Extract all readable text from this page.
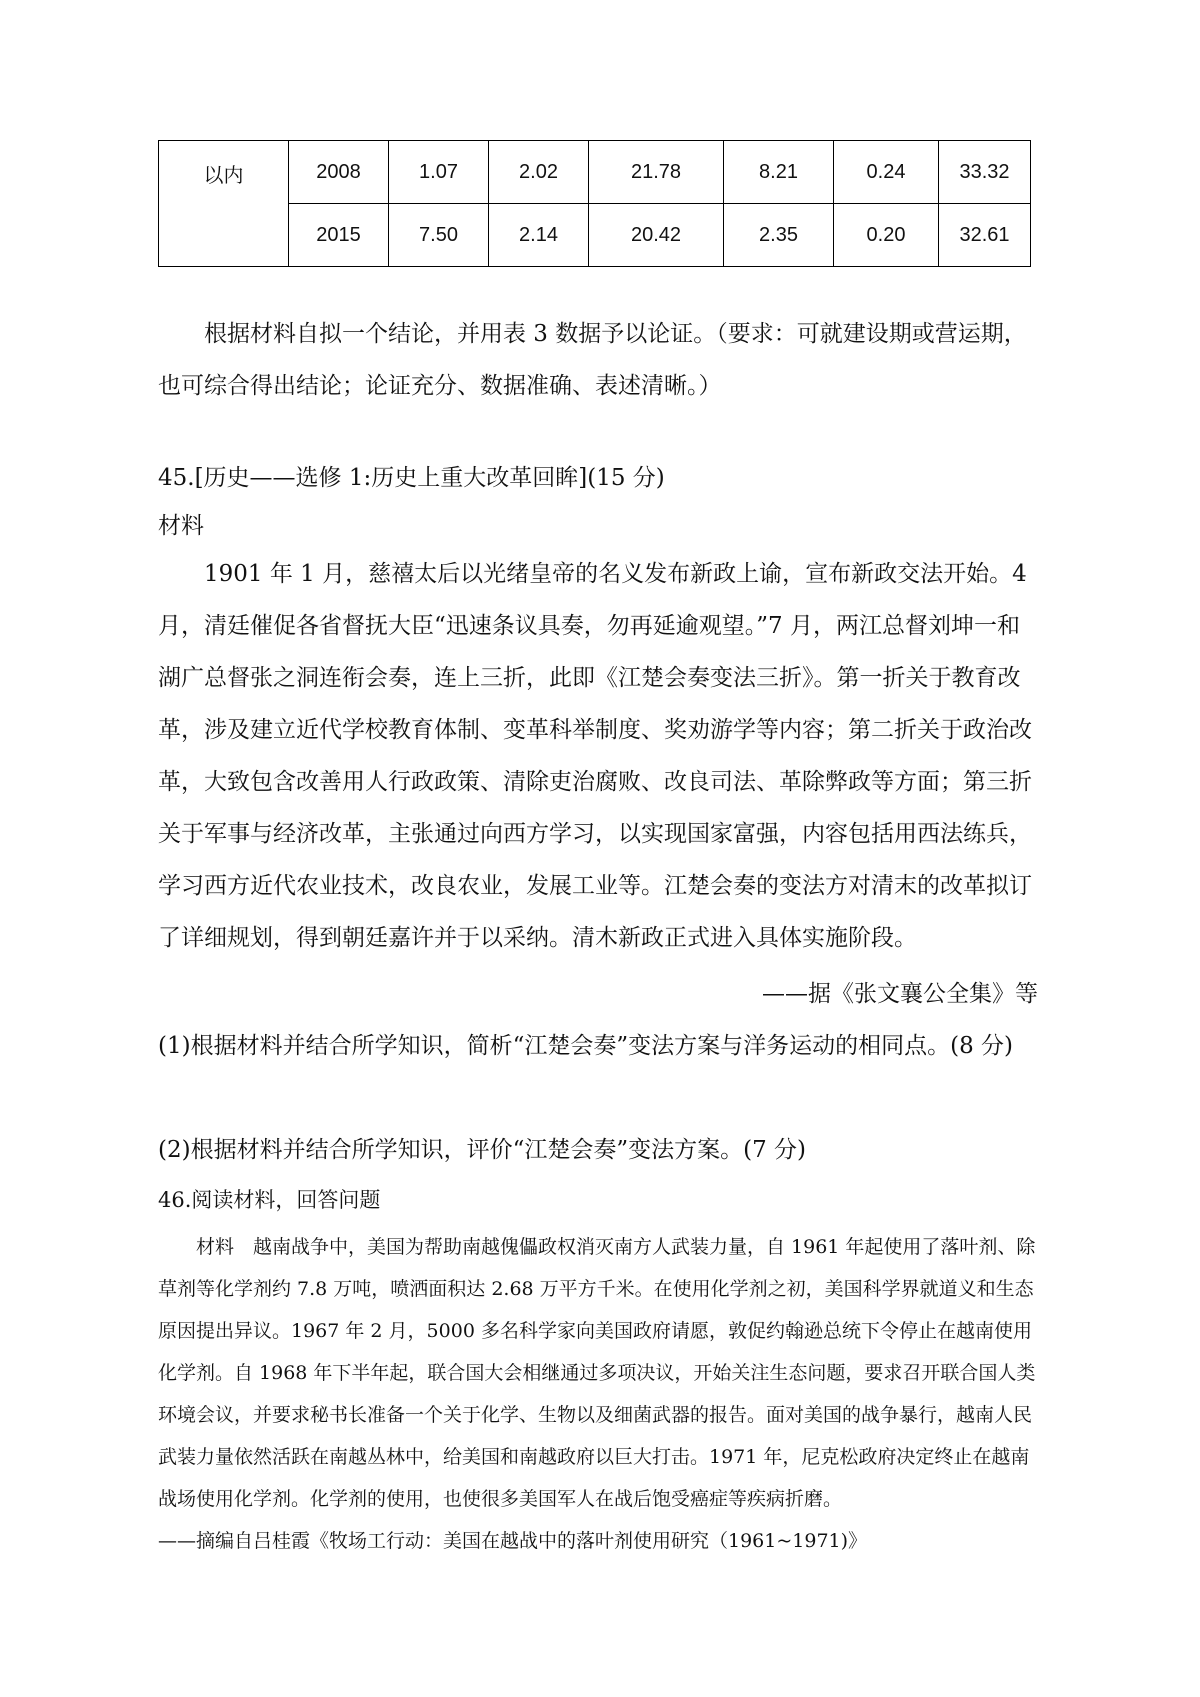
以内	2008	1.07	2.02	21.78	8.21	0.24	33.32
	2015	7.50	2.14	20.42	2.35	0.20	32.61

根据材料自拟一个结论，并用表 3 数据予以论证。（要求：可就建设期或营运期，也可综合得出结论；论证充分、数据准确、表述清晰。）

45.[历史——选修 1:历史上重大改革回眸](15 分)

材料

1901 年 1 月，慈禧太后以光绪皇帝的名义发布新政上谕，宣布新政交法开始。4 月，清廷催促各省督抚大臣“迅速条议具奏，勿再延逾观望。”7 月，两江总督刘坤一和湖广总督张之洞连衔会奏，连上三折，此即《江楚会奏变法三折》。第一折关于教育改革，涉及建立近代学校教育体制、变革科举制度、奖劝游学等内容；第二折关于政治改革，大致包含改善用人行政政策、清除吏治腐败、改良司法、革除弊政等方面；第三折关于军事与经济改革，主张通过向西方学习，以实现国家富强，内容包括用西法练兵，学习西方近代农业技术，改良农业，发展工业等。江楚会奏的变法方对清末的改革拟订了详细规划，得到朝廷嘉许并于以采纳。清木新政正式进入具体实施阶段。

——据《张文襄公全集》等

(1)根据材料并结合所学知识，简析“江楚会奏”变法方案与洋务运动的相同点。(8 分)

(2)根据材料并结合所学知识，评价“江楚会奏”变法方案。(7 分)

46.阅读材料，回答问题

材料　越南战争中，美国为帮助南越傀儡政权消灭南方人武装力量，自 1961 年起使用了落叶剂、除草剂等化学剂约 7.8 万吨，喷洒面积达 2.68 万平方千米。在使用化学剂之初，美国科学界就道义和生态原因提出异议。1967 年 2 月，5000 多名科学家向美国政府请愿，敦促约翰逊总统下令停止在越南使用化学剂。自 1968 年下半年起，联合国大会相继通过多项决议，开始关注生态问题，要求召开联合国人类环境会议，并要求秘书长准备一个关于化学、生物以及细菌武器的报告。面对美国的战争暴行，越南人民武装力量依然活跃在南越丛林中，给美国和南越政府以巨大打击。1971 年，尼克松政府决定终止在越南战场使用化学剂。化学剂的使用，也使很多美国军人在战后饱受癌症等疾病折磨。

——摘编自吕桂霞《牧场工行动：美国在越战中的落叶剂使用研究（1961~1971)》
